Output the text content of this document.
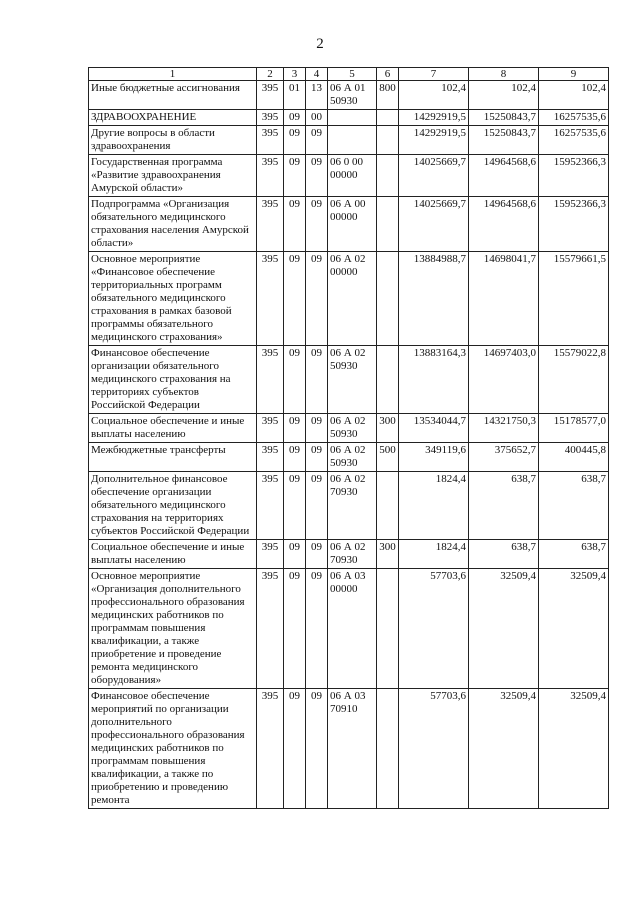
2
1	2	3	4	5	6	7	8	9
Иные бюджетные ассигнования	395	01	13	06 А 01 50930	800	102,4	102,4	102,4
ЗДРАВООХРАНЕНИЕ	395	09	00			14292919,5	15250843,7	16257535,6
Другие вопросы в области здравоохранения	395	09	09			14292919,5	15250843,7	16257535,6
Государственная программа «Развитие здравоохранения Амурской области»	395	09	09	06 0 00 00000		14025669,7	14964568,6	15952366,3
Подпрограмма «Организация обязательного медицинского страхования населения Амурской области»	395	09	09	06 А 00 00000		14025669,7	14964568,6	15952366,3
Основное мероприятие «Финансовое обеспечение территориальных программ обязательного медицинского страхования в рамках базовой программы обязательного медицинского страхования»	395	09	09	06 А 02 00000		13884988,7	14698041,7	15579661,5
Финансовое обеспечение организации обязательного медицинского страхования на территориях субъектов Российской Федерации	395	09	09	06 А 02 50930		13883164,3	14697403,0	15579022,8
Социальное обеспечение и иные выплаты населению	395	09	09	06 А 02 50930	300	13534044,7	14321750,3	15178577,0
Межбюджетные трансферты	395	09	09	06 А 02 50930	500	349119,6	375652,7	400445,8
Дополнительное финансовое обеспечение организации обязательного медицинского страхования на территориях субъектов Российской Федерации	395	09	09	06 А 02 70930		1824,4	638,7	638,7
Социальное обеспечение и иные выплаты населению	395	09	09	06 А 02 70930	300	1824,4	638,7	638,7
Основное мероприятие «Организация дополнительного профессионального образования медицинских работников по программам повышения квалификации, а также приобретение и проведение ремонта медицинского оборудования»	395	09	09	06 А 03 00000		57703,6	32509,4	32509,4
Финансовое обеспечение мероприятий по организации дополнительного профессионального образования медицинских работников по программам повышения квалификации, а также по приобретению и проведению ремонта	395	09	09	06 А 03 70910		57703,6	32509,4	32509,4
